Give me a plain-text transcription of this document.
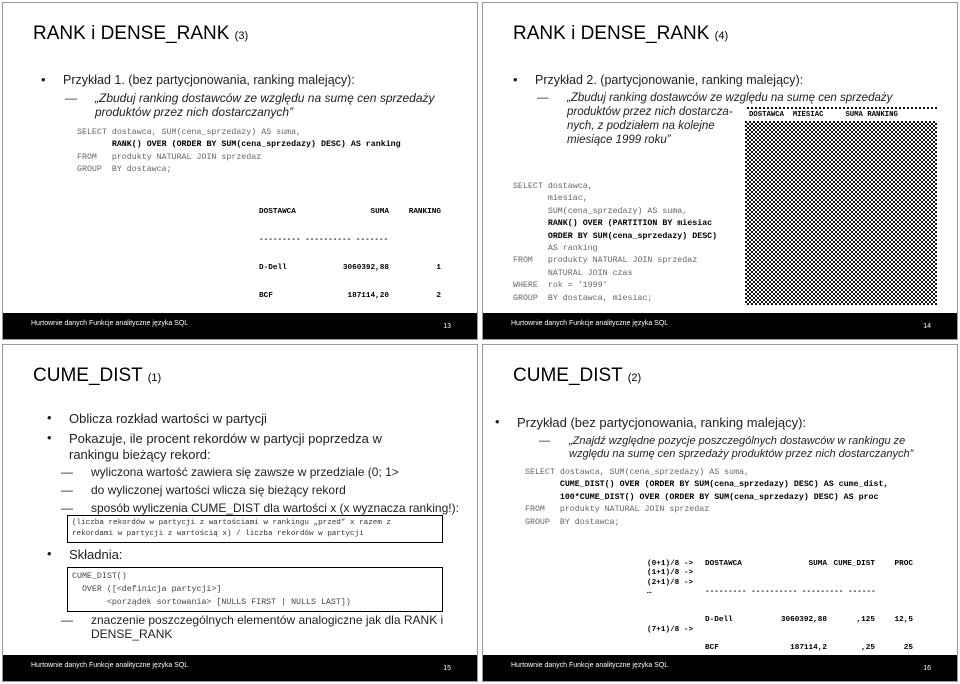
RANK i DENSE_RANK (3)
• Przykład 1. (bez partycjonowania, ranking malejący):
— „Zbuduj ranking dostawców ze względu na sumę cen sprzedaży
produktów przez nich dostarczanych”
SELECT dostawca, SUM(cena_sprzedazy) AS suma,
RANK() OVER (ORDER BY SUM(cena_sprzedazy) DESC) AS ranking
FROM   produkty NATURAL JOIN sprzedaz
GROUP  BY dostawca;

DOSTAWCA	SUMA	RANKING

--------- ---------- -------

D-Dell	3060392,88	1

BCF	187114,20	2

Hurtownie danych Funkcje analityczne języka SQL	13
RANK i DENSE_RANK (4)
• Przykład 2. (partycjonowanie, ranking malejący):
— „Zbuduj ranking dostawców ze względu na sumę cen sprzedaży
produktów przez nich dostarcza-
nych, z podziałem na kolejne
miesiące 1999 roku”
SELECT dostawca,
miesiac,
SUM(cena_sprzedazy) AS suma,
RANK() OVER (PARTITION BY miesiac
ORDER BY SUM(cena_sprzedazy) DESC)
AS ranking
FROM   produkty NATURAL JOIN sprzedaz
NATURAL JOIN czas
WHERE  rok = '1999'
GROUP  BY dostawca, miesiac;
DOSTAWCA MIESIAC	SUMA RANKING
Hurtownie danych Funkcje analityczne języka SQL	14
CUME_DIST (1)
• Oblicza rozkład wartości w partycji
• Pokazuje, ile procent rekordów w partycji poprzedza w
rankingu bieżący rekord:
— wyliczona wartość zawiera się zawsze w przedziale (0; 1>
— do wyliczonej wartości wlicza się bieżący rekord
— sposób wyliczenia CUME_DIST dla wartości x (x wyznacza ranking!):
(liczba rekordów w partycji z wartościami w rankingu „przed” x razem z
rekordami w partycji z wartością x) / liczba rekordów w partycji
• Składnia:
CUME_DIST()
OVER ([<definicja partycji>]
<porządek sortowania> [NULLS FIRST | NULLS LAST])
— znaczenie poszczególnych elementów analogiczne jak dla RANK i
DENSE_RANK
Hurtownie danych Funkcje analityczne języka SQL	15
CUME_DIST (2)
• Przykład (bez partycjonowania, ranking malejący):
— „Znajdź względne pozycje poszczególnych dostawców w rankingu ze
względu na sumę cen sprzedaży produktów przez nich dostarczanych”
SELECT dostawca, SUM(cena_sprzedazy) AS suma,
CUME_DIST() OVER (ORDER BY SUM(cena_sprzedazy) DESC) AS cume_dist,
100*CUME_DIST() OVER (ORDER BY SUM(cena_sprzedazy) DESC) AS proc
FROM   produkty NATURAL JOIN sprzedaz
GROUP  BY dostawca;
(0+1)/8 ->
(1+1)/8 ->
(2+1)/8 ->
…

(7+1)/8 ->

DOSTAWCA	SUMA CUME_DIST	PROC

--------- ---------- --------- ------

D-Dell	3060392,88	,125	12,5

BCF	187114,2	,25	25

Hurtownie danych Funkcje analityczne języka SQL	16
